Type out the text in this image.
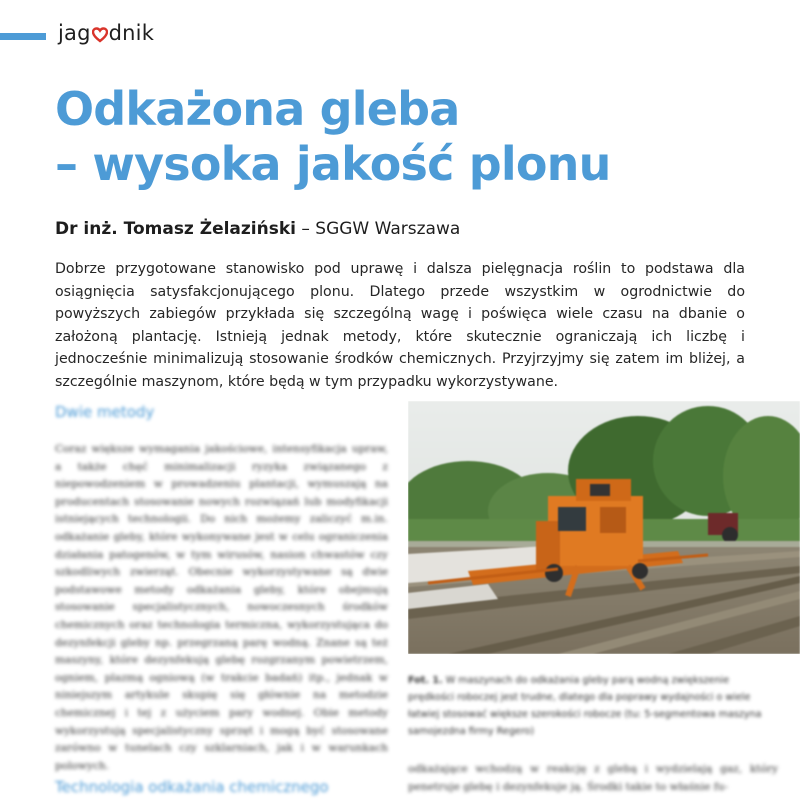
jag dnik
Odkażona gleba
– wysoka jakość plonu
Dr inż. Tomasz Żelaziński – SGGW Warszawa

Dobrze przygotowane stanowisko pod uprawę i dalsza pielęgnacja roślin to podstawa dla osiągnięcia satysfakcjonującego plonu. Dlatego przede wszystkim w ogrodnictwie do powyższych zabiegów przykłada się szczególną wagę i poświęca wiele czasu na dbanie o założoną plantację. Istnieją jednak metody, które skutecznie ograniczają ich liczbę i jednocześnie minimalizują stosowanie środków chemicznych. Przyjrzyjmy się zatem im bliżej, a szczególnie maszynom, które będą w tym przypadku wykorzystywane.

Dwie metody

Coraz większe wymagania jakościowe, intensyfikacja upraw, a także chęć minimalizacji ryzyka związanego z niepowodzeniem w prowadzeniu plantacji, wymuszają na producentach stosowanie nowych rozwiązań lub modyfikacji istniejących technologii. Do nich możemy zaliczyć m.in. odkażanie gleby, które wykonywane jest w celu ograniczenia działania patogenów, w tym wirusów, nasion chwastów czy szkodliwych zwierząt. Obecnie wykorzystywane są dwie podstawowe metody odkażania gleby, które obejmują stosowanie specjalistycznych, nowoczesnych środków chemicznych oraz technologia termiczna, wykorzystująca do dezynfekcji gleby np. przegrzaną parę wodną. Znane są też maszyny, które dezynfekują glebę rozgrzanym powietrzem, ogniem, plazmą ogniową (w trakcie badań) itp., jednak w niniejszym artykule skupię się głównie na metodzie chemicznej i tej z użyciem pary wodnej. Obie metody wykorzystują specjalistyczny sprzęt i mogą być stosowane zarówno w tunelach czy szklarniach, jak i w warunkach polowych.

Technologia odkażania chemicznego

Fot. 1. W maszynach do odkażania gleby parą wodną zwiększenie prędkości roboczej jest trudne, dlatego dla poprawy wydajności o wiele łatwiej stosować większe szerokości robocze (tu: 5-segmentowa maszyna samojezdna firmy Regero)

odkażające wchodzą w reakcję z glebą i wydzielają gaz, który penetruje glebę i dezynfekuje ją. Środki takie to właśnie fu-
